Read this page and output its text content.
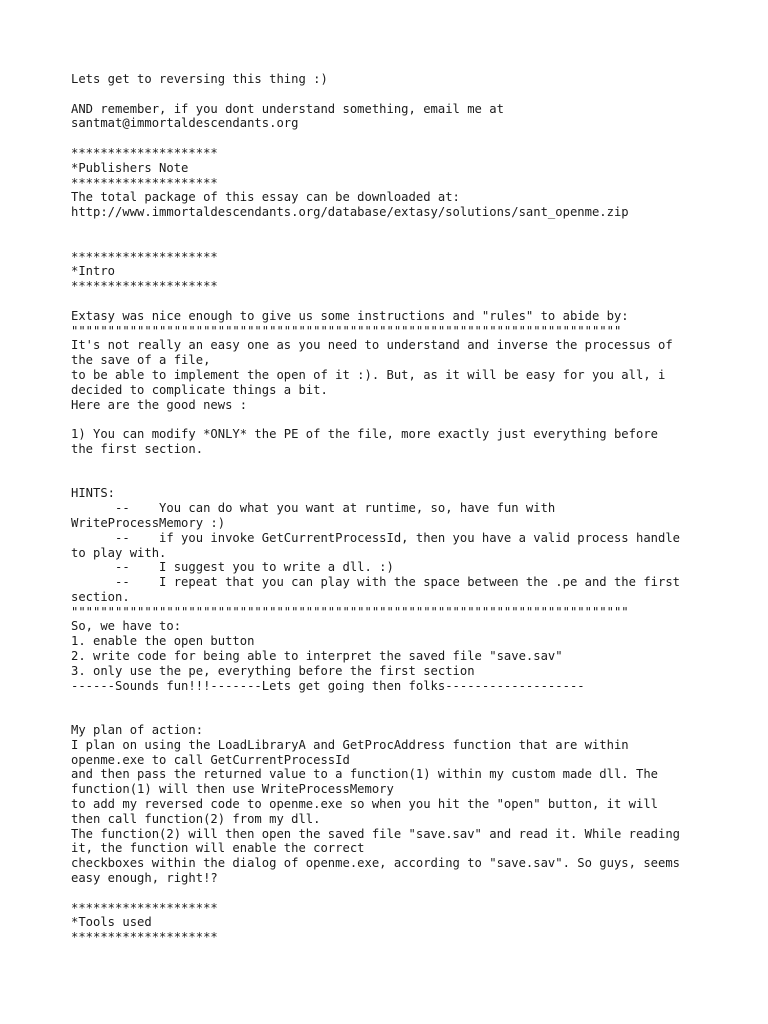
Lets get to reversing this thing :)
AND remember, if you dont understand something, email me at
santmat@immortaldescendants.org
********************
*Publishers Note
********************
The total package of this essay can be downloaded at:
http://www.immortaldescendants.org/database/extasy/solutions/sant_openme.zip
********************
*Intro
********************
Extasy was nice enough to give us some instructions and "rules" to abide by:
"""""""""""""""""""""""""""""""""""""""""""""""""""""""""""""""""""""""""""
It's not really an easy one as you need to understand and inverse the processus of
the save of a file,
to be able to implement the open of it :). But, as it will be easy for you all, i
decided to complicate things a bit.
Here are the good news :
1) You can modify *ONLY* the PE of the file, more exactly just everything before
the first section.
HINTS:
--    You can do what you want at runtime, so, have fun with
WriteProcessMemory :)
--    if you invoke GetCurrentProcessId, then you have a valid process handle
to play with.
--    I suggest you to write a dll. :)
--    I repeat that you can play with the space between the .pe and the first
section.
""""""""""""""""""""""""""""""""""""""""""""""""""""""""""""""""""""""""""""
So, we have to:
1. enable the open button
2. write code for being able to interpret the saved file "save.sav"
3. only use the pe, everything before the first section
------Sounds fun!!!-------Lets get going then folks-------------------
My plan of action:
I plan on using the LoadLibraryA and GetProcAddress function that are within
openme.exe to call GetCurrentProcessId
and then pass the returned value to a function(1) within my custom made dll. The
function(1) will then use WriteProcessMemory
to add my reversed code to openme.exe so when you hit the "open" button, it will
then call function(2) from my dll.
The function(2) will then open the saved file "save.sav" and read it. While reading
it, the function will enable the correct
checkboxes within the dialog of openme.exe, according to "save.sav". So guys, seems
easy enough, right!?
********************
*Tools used
********************
